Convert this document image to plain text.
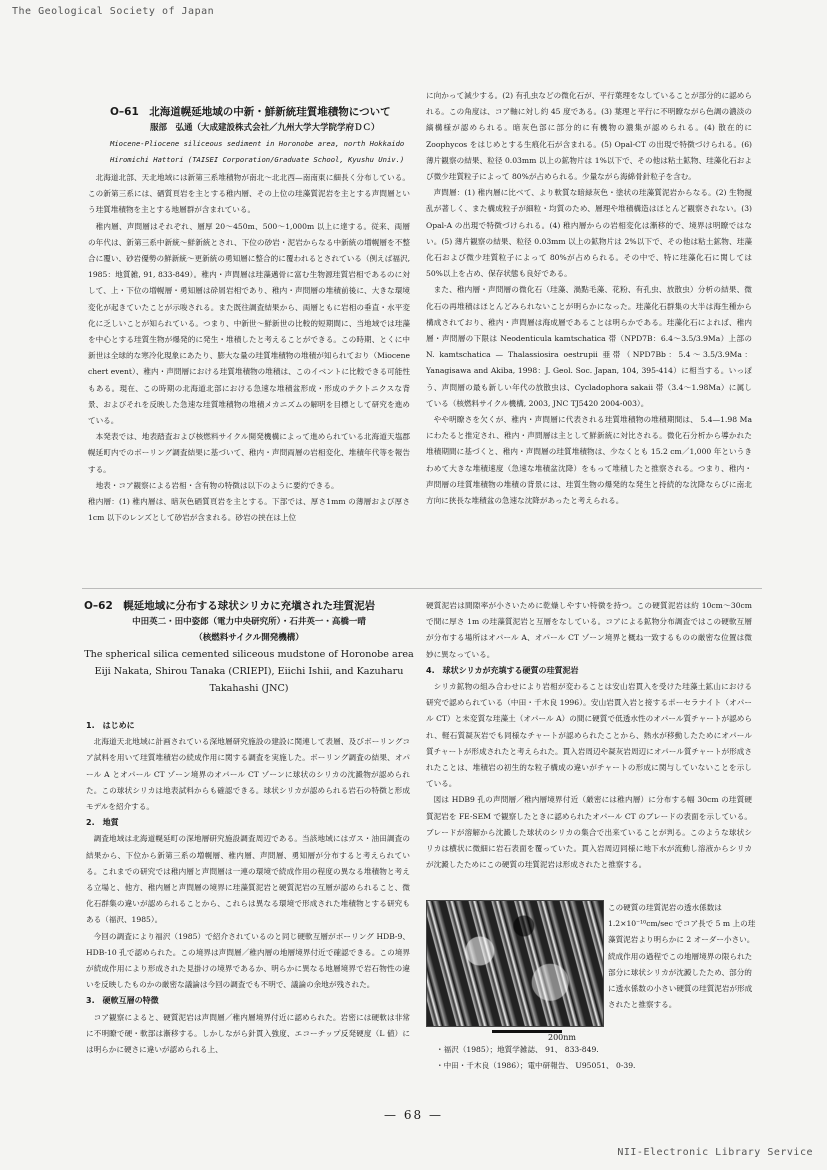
The Geological Society of Japan
O–61　北海道幌延地域の中新・鮮新統珪質堆積物について
服部　弘通（大成建設株式会社／九州大学大学院学府ＤＣ）
Miocene-Pliocene siliceous sediment in Horonobe area, north Hokkaido
Hiromichi Hattori (TAISEI Corporation/Graduate School, Kyushu Univ.)

北海道北部、天北地域には新第三系堆積物が南北〜北北西—南南東に細長く分布している。この新第三系には、硒質頁岩を主とする稚内層、その上位の珪藻質泥岩を主とする声問層という珪質堆積物を主とする地層群が含まれている。

稚内層、声問層はそれぞれ、層厚 20～450m、500～1,000m 以上に達する。従来、両層の年代は、新第三系中新統～鮮新統とされ、下位の砂岩・泥岩からなる中新統の増幌層を不整合に覆い、砂岩優勢の鮮新統～更新統の勇知層に整合的に覆われるとされている（例えば福沢, 1985：地質雑, 91, 833-849）。稚内・声問層は珪藻邁骨に富む生物源珪質岩相であるのに対して、上・下位の増幌層・勇知層は砕屑岩相であり、稚内・声問層の堆積前後に、大きな環境変化が起きていたことが示唆される。また既往調査結果から、両層ともに岩相の垂直・水平変化に乏しいことが知られている。つまり、中新世〜鮮新世の比較的短期間に、当地域では珪藻を中心とする珪質生物が爆発的に発生・堆積したと考えることができる。この時期、とくに中新世は全球的な寒冷化現象にあたり、膨大な量の珪質堆積物の堆積が知られており（Miocene chert event）、稚内・声問層における珪質堆積物の堆積は、このイベントに比較できる可能性もある。現在、この時期の北海道北部における急速な堆積盆形成・形成のテクトニクスな背景、およびそれを反映した急速な珪質堆積物の堆積メカニズムの解明を目標として研究を進めている。

本発表では、地表踏査および核燃料サイクル開発機構によって進められている北海道天塩郡幌延町内でのボーリング調査結果に基づいて、稚内・声問両層の岩相変化、堆積年代等を報告する。

地表・コア観察による岩相・含有物の特徴は以下のように要約できる。

稚内層：(1) 稚内層は、暗灰色硒質頁岩を主とする。下部では、厚さ1mm の薄層および厚さ1cm 以下のレンズとして砂岩が含まれる。砂岩の挟在は上位

に向かって減少する。(2) 有孔虫などの微化石が、平行葉理をなしていることが部分的に認められる。この角度は、コア軸に対し約 45 度である。(3) 葉理と平行に不明瞭ながら色調の濃淡の縞構様が認められる。暗灰色部に部分的に有機物の濃集が認められる。(4) 散在的に Zoophycos をはじめとする生痕化石が含まれる。(5) Opal-CT の出現で特徴づけられる。(6) 薄片観察の結果、粒径 0.03mm 以上の鉱物片は 1%以下で、その他は粘土鉱物、珪藻化石および微少珪質粒子によって 80%が占められる。少量ながら海綿骨針粒子を含む。

声問層：(1) 稚内層に比べて、より軟質な暗緑灰色・塗状の珪藻質泥岩からなる。(2) 生物撹乱が著しく、また構成粒子が細粒・均質のため、層理や堆積構造はほとんど観察されない。(3) Opal-A の出現で特徴づけられる。(4) 稚内層からの岩相変化は漸移的で、境界は明瞭ではない。(5) 薄片観察の結果、粒径 0.03mm 以上の鉱物片は 2%以下で、その他は粘土鉱物、珪藻化石および微少珪質粒子によって 80%が占められる。その中で、特に珪藻化石に関しては 50%以上を占め、保存状態も良好である。

また、稚内層・声問層の微化石（珪藻、渦點毛藻、花粉、有孔虫、放散虫）分析の結果、微化石の再堆積はほとんどみられないことが明らかになった。珪藻化石群集の大半は海生種から構成されており、稚内・声問層は海成層であることは明らかである。珪藻化石によれば、稚内層・声問層の下限は Neodenticula kamtschatica 帯（NPD7B：6.4～3.5/3.9Ma）上部の N. kamtschatica — Thalassiosira oestrupii 亜帯（NPD7Bb：5.4～3.5/3.9Ma：Yanagisawa and Akiba, 1998：J. Geol. Soc. Japan, 104, 395-414）に相当する。いっぽう、声問層の最も新しい年代の放散虫は、Cycladophora sakaii 帯（3.4～1.98Ma）に属している（核燃料サイクル機構, 2003, JNC TJ5420 2004-003）。

やや明瞭さを欠くが、稚内・声問層に代表される珪質堆積物の堆積期間は、 5.4—1.98 Ma にわたると推定され、稚内・声問層は主として鮮新統に対比される。微化石分析から導かれた堆積期間に基づくと、稚内・声問層の珪質堆積物は、少なくとも 15.2 cm／1,000 年というきわめて大きな堆積速度（急速な堆積盆沈降）をもって堆積したと推察される。つまり、稚内・声問層の珪質堆積物の堆積の背景には、珪質生物の爆発的な発生と持続的な沈降ならびに南北方向に狭長な堆積盆の急速な沈降があったと考えられる。

O–62　幌延地域に分布する球状シリカに充塡された珪質泥岩
中田英二・田中姿郎（電力中央研究所）・石井英一・高橋一晴
（核燃料サイクル開発機構）
The spherical silica cemented siliceous mudstone of Horonobe area
Eiji Nakata, Shirou Tanaka (CRIEPI), Eiichi Ishii, and Kazuharu Takahashi (JNC)

1.　はじめに

北海道天北地域に計画されている深地層研究施設の建設に関連して表層、及びボーリングコア試料を用いて珪質堆積岩の続成作用に関する調査を実施した。ボーリング調査の結果、オパール A とオパール CT ゾーン境界のオパール CT ゾーンに球状のシリカの沈澱物が認められた。この球状シリカは地表試料からも確認できる。球状シリカが認められる岩石の特徴と形成モデルを紹介する。

2.　地質

調査地域は北海道幌延町の深地層研究施設調査周辺である。当該地域にはガス・油田調査の結果から、下位から新第三系の増幌層、稚内層、声問層、勇知層が分布すると考えられている。これまでの研究では稚内層と声問層は一連の環境で続成作用の程度の異なる堆積物と考える立場と、他方、稚内層と声問層の境界に珪藻質泥岩と硬質泥岩の互層が認められること、微化石群集の違いが認められることから、これらは異なる環境で形成された堆積物とする研究もある（福沢、1985）。

今回の調査により福沢（1985）で紹介されているのと同じ硬軟互層がボーリング HDB-9、HDB-10 孔で認められた。この境界は声問層／稚内層の地層境界付近で確認できる。この境界が続成作用により形成された見掛けの境界であるか、明らかに異なる地層境界で岩石物性の違いを反映したものかの厳密な議論は今回の調査でも不明で、議論の余地が残された。

3.　硬軟互層の特徴

コア観察によると、硬質泥岩は声問層／稚内層境界付近に認められた。岩密には硬軟は非常に不明瞭で硬・軟部は漸移する。しかしながら針貫入強度、エコーチップ反発硬度（L 値）には明らかに硬さに違いが認められる上、

硬質泥岩は間隙率が小さいために乾燥しやすい特徴を持つ。この硬質泥岩は約 10cm～30cm で間に厚さ 1m の珪藻質泥岩と互層をなしている。コアによる鉱物分布調査ではこの硬軟互層が分布する場所はオパール A、オパール CT ゾーン境界と概ね一致するものの厳密な位置は微妙に異なっている。

4.　球状シリカが充填する硬質の珪質泥岩

シリカ鉱物の組み合わせにより岩相が変わることは安山岩貫入を受けた珪藻土鉱山における研究で認められている（中田・千木良 1996）。安山岩貫入岩と接するポーセラナイト（オパール CT）と未変質な珪藻土（オパール A）の間に硬質で低透水性のオパール質チャートが認められ、軽石質凝灰岩でも同様なチャートが認められたことから、熱水が移動したためにオパール質チャートが形成されたと考えられた。貫入岩周辺や凝灰岩周辺にオパール質チャートが形成されたことは、堆積岩の初生的な粒子構成の違いがチャートの形成に関与していないことを示している。

図は HDB9 孔の声問層／稚内層境界付近（厳密には稚内層）に分布する幅 30cm の珪質硬質泥岩を FE-SEM で観察したときに認められたオパール CT のブレードの表面を示している。ブレードが溶解から沈澱した球状のシリカの集合で出来ていることが判る。このような球状シリカは横状に微細に岩石表面を覆っていた。貫入岩周辺同様に地下水が流動し溶液からシリカが沈澱したためにこの硬質の珪質泥岩は形成されたと推察する。

200nm
この硬質の珪質泥岩の透水係数は 1.2×10⁻¹⁰cm/sec でコア長で 5 m 上の珪藻質泥岩より明らかに 2 オーダー小さい。続成作用の過程でこの地層境界の限られた部分に球状シリカが沈澱したため、部分的に透水係数の小さい硬質の珪質泥岩が形成されたと推察する。

・福沢（1985）；地質学雑誌、 91、 833-849.

・中田・千木良（1986）；電中研報告、 U95051、 0-39.

— 68 —
NII-Electronic Library Service
